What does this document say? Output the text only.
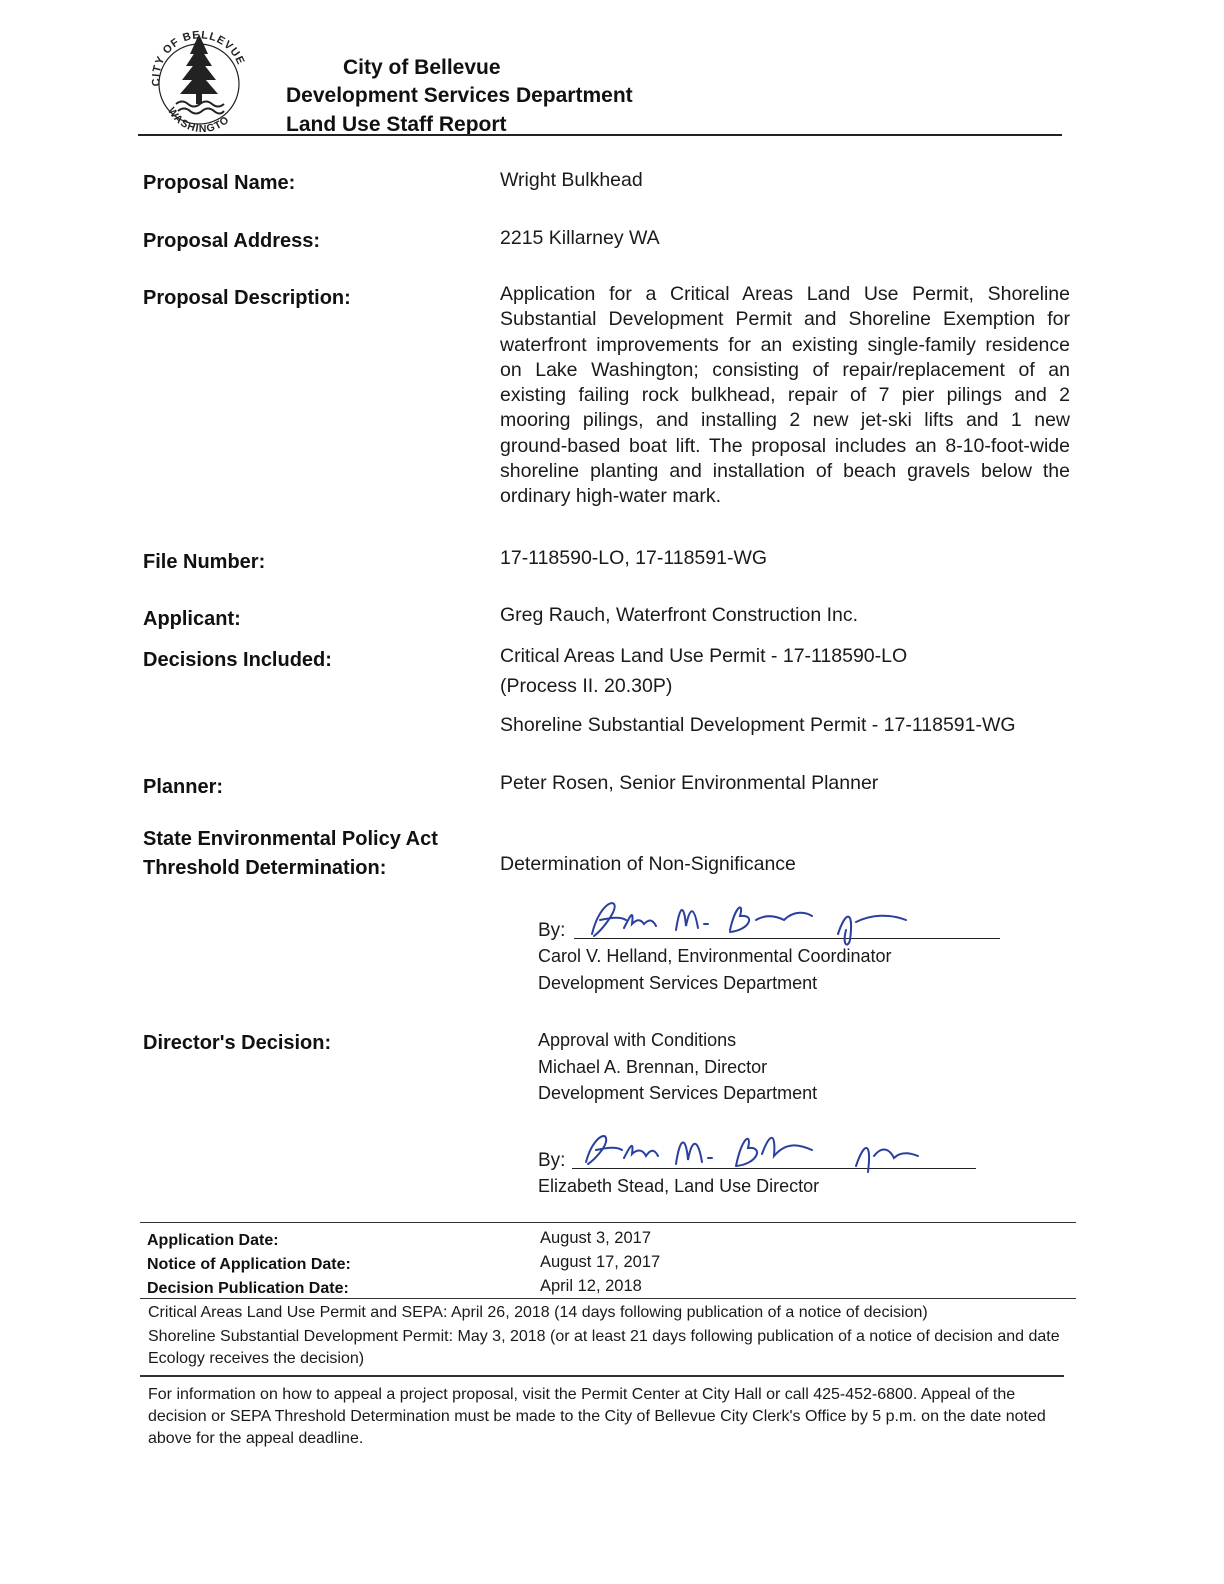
CITY OF BELLEVUE
WASHINGTO
City of Bellevue
Development Services Department
Land Use Staff Report
Proposal Name:	Wright Bulkhead
Proposal Address:	2215 Killarney WA
Proposal Description:	Application for a Critical Areas Land Use Permit, Shoreline Substantial Development Permit and Shoreline Exemption for waterfront improvements for an existing single-family residence on Lake Washington; consisting of repair/replacement of an existing failing rock bulkhead, repair of 7 pier pilings and 2 mooring pilings, and installing 2 new jet-ski lifts and 1 new ground-based boat lift. The proposal includes an 8-10-foot-wide shoreline planting and installation of beach gravels below the ordinary high-water mark.
File Number:	17-118590-LO, 17-118591-WG
Applicant:	Greg Rauch, Waterfront Construction Inc.
Decisions Included:	Critical Areas Land Use Permit - 17-118590-LO
(Process II. 20.30P)
Shoreline Substantial Development Permit - 17-118591-WG
Planner:	Peter Rosen, Senior Environmental Planner
State Environmental Policy Act
Threshold Determination:	Determination of Non-Significance
By:
Carol V. Helland, Environmental Coordinator
Development Services Department
Director's Decision:	Approval with Conditions
Michael A. Brennan, Director
Development Services Department
By:
Elizabeth Stead, Land Use Director
Application Date:	August 3, 2017
Notice of Application Date:	August 17, 2017
Decision Publication Date:	April 12, 2018
Critical Areas Land Use Permit and SEPA: April 26, 2018 (14 days following publication of a notice of decision)
Shoreline Substantial Development Permit: May 3, 2018 (or at least 21 days following publication of a notice of decision and date Ecology receives the decision)
For information on how to appeal a project proposal, visit the Permit Center at City Hall or call 425-452-6800. Appeal of the decision or SEPA Threshold Determination must be made to the City of Bellevue City Clerk's Office by 5 p.m. on the date noted above for the appeal deadline.
